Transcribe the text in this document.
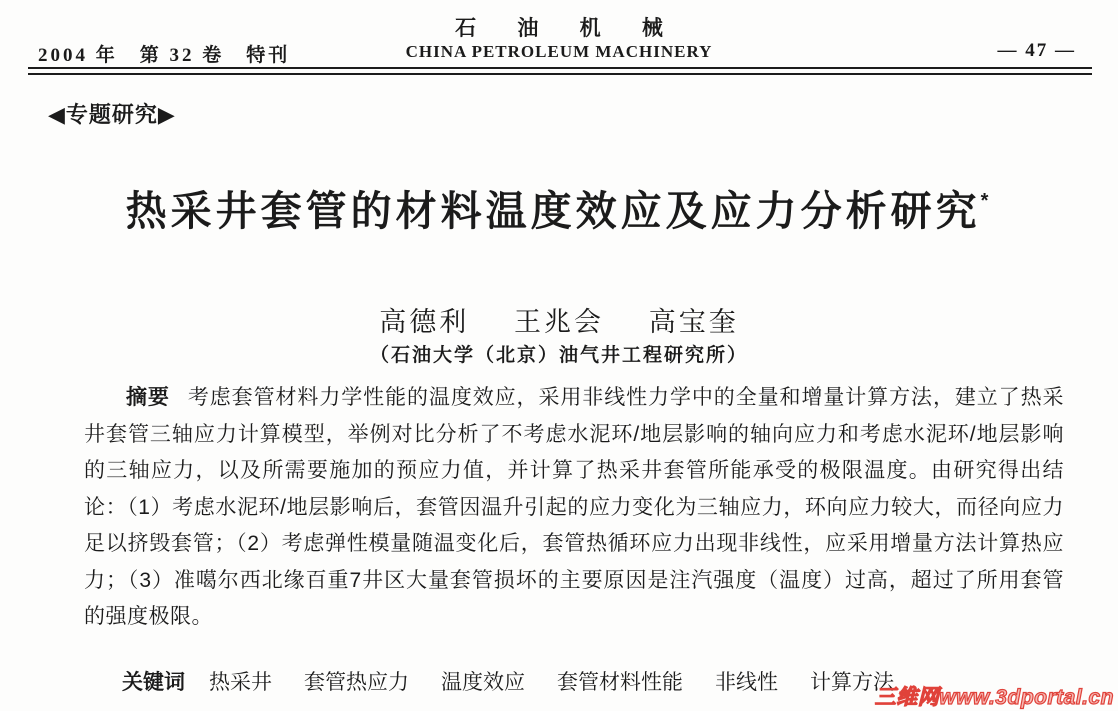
石 油 机 械
2004 年　第 32 卷　特刊	CHINA PETROLEUM MACHINERY	— 47 —
◀专题研究▶
热采井套管的材料温度效应及应力分析研究*
高德利 王兆会 高宝奎
（石油大学（北京）油气井工程研究所）

摘要 考虑套管材料力学性能的温度效应，采用非线性力学中的全量和增量计算方法，建立了热采井套管三轴应力计算模型，举例对比分析了不考虑水泥环/地层影响的轴向应力和考虑水泥环/地层影响的三轴应力，以及所需要施加的预应力值，并计算了热采井套管所能承受的极限温度。由研究得出结论：（1）考虑水泥环/地层影响后，套管因温升引起的应力变化为三轴应力，环向应力较大，而径向应力足以挤毁套管；（2）考虑弹性模量随温变化后，套管热循环应力出现非线性，应采用增量方法计算热应力；（3）准噶尔西北缘百重7井区大量套管损坏的主要原因是注汽强度（温度）过高，超过了所用套管的强度极限。

关键词 热采井 套管热应力 温度效应 套管材料性能 非线性 计算方法
三维网www.3dportal.cn
